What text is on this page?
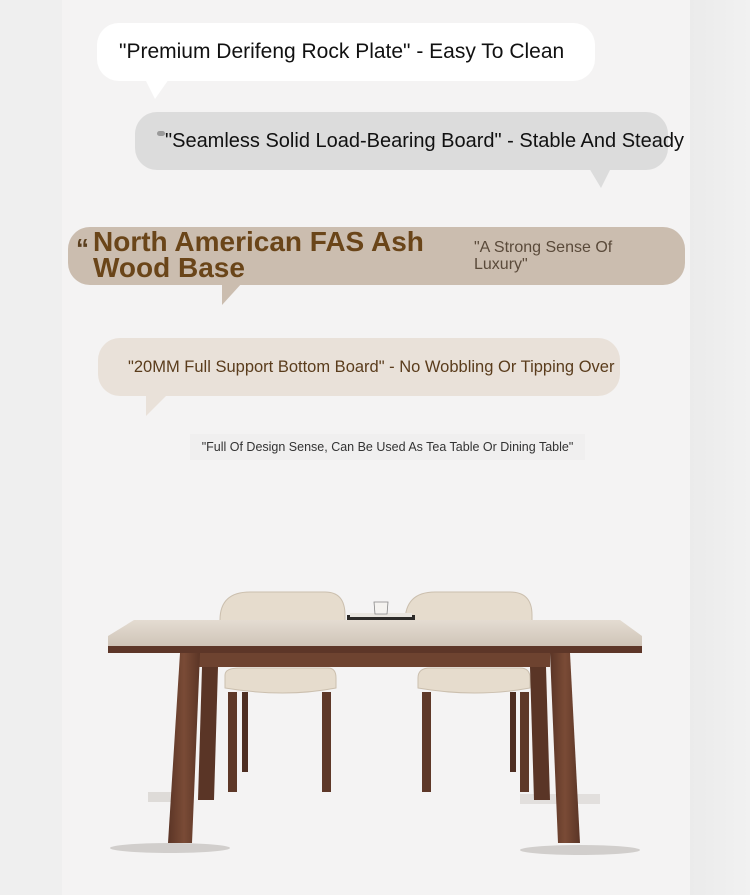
"Premium Derifeng Rock Plate" - Easy To Clean
"Seamless Solid Load-Bearing Board" - Stable And Steady
“ North American FAS Ash Wood Base
"A Strong Sense Of Luxury"
"20MM Full Support Bottom Board" - No Wobbling Or Tipping Over
"Full Of Design Sense, Can Be Used As Tea Table Or Dining Table"
